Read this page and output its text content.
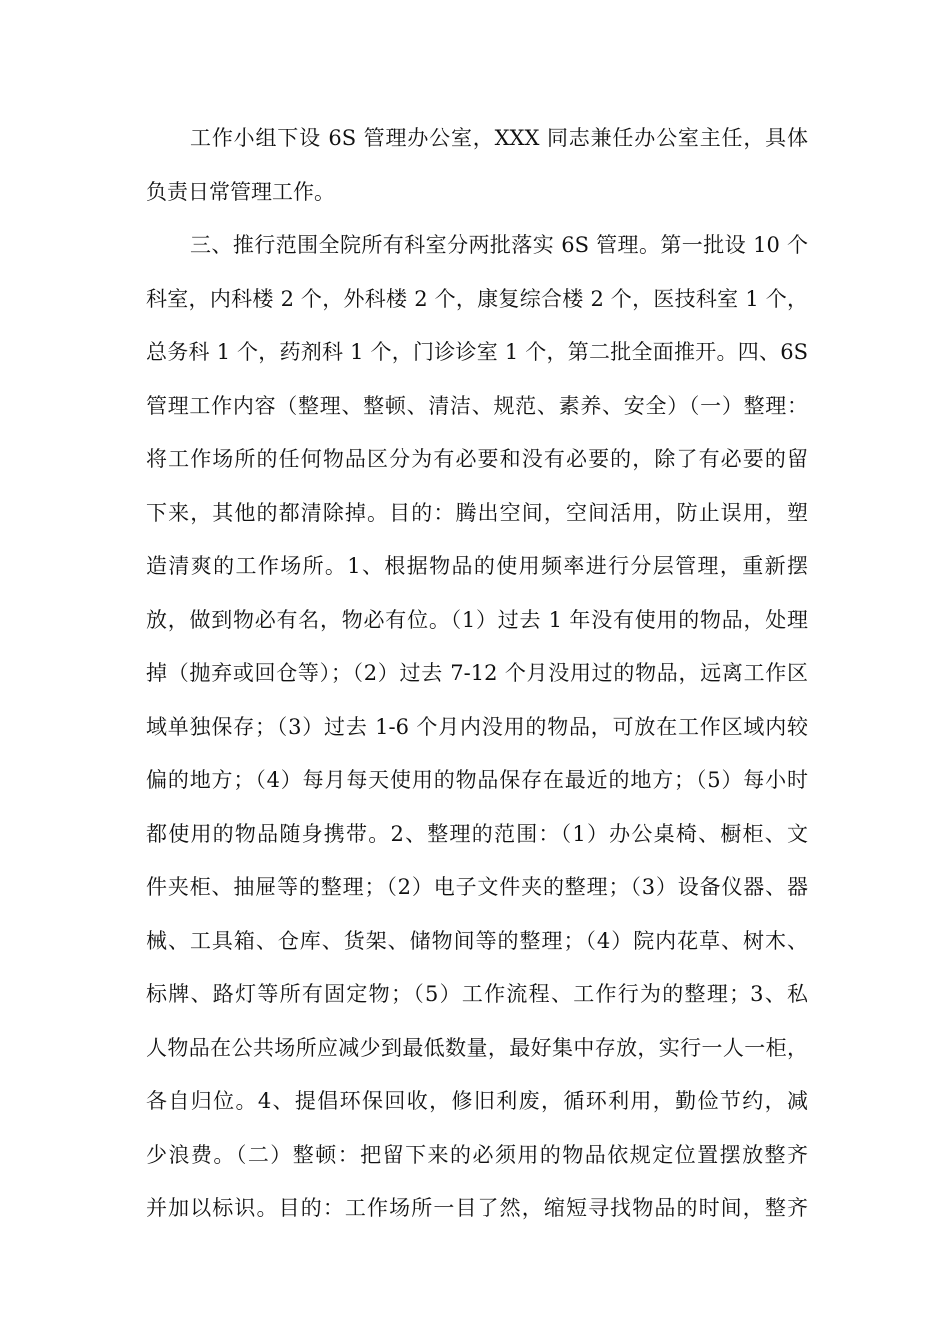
工作小组下设 6S 管理办公室，XXX 同志兼任办公室主任，具体
负责日常管理工作。
三、推行范围全院所有科室分两批落实 6S 管理。第一批设 10 个
科室，内科楼 2 个，外科楼 2 个，康复综合楼 2 个，医技科室 1 个，
总务科 1 个，药剂科 1 个，门诊诊室 1 个，第二批全面推开。四、6S
管理工作内容（整理、整顿、清洁、规范、素养、安全）（一）整理：
将工作场所的任何物品区分为有必要和没有必要的，除了有必要的留
下来，其他的都清除掉。目的：腾出空间，空间活用，防止误用，塑
造清爽的工作场所。1、根据物品的使用频率进行分层管理，重新摆
放，做到物必有名，物必有位。（1）过去 1 年没有使用的物品，处理
掉（抛弃或回仓等）；（2）过去 7-12 个月没用过的物品，远离工作区
域单独保存；（3）过去 1-6 个月内没用的物品，可放在工作区域内较
偏的地方；（4）每月每天使用的物品保存在最近的地方；（5）每小时
都使用的物品随身携带。2、整理的范围：（1）办公桌椅、橱柜、文
件夹柜、抽屉等的整理；（2）电子文件夹的整理；（3）设备仪器、器
械、工具箱、仓库、货架、储物间等的整理；（4）院内花草、树木、
标牌、路灯等所有固定物；（5）工作流程、工作行为的整理；3、私
人物品在公共场所应减少到最低数量，最好集中存放，实行一人一柜，
各自归位。4、提倡环保回收，修旧利废，循环利用，勤俭节约，减
少浪费。（二）整顿：把留下来的必须用的物品依规定位置摆放整齐
并加以标识。目的：工作场所一目了然，缩短寻找物品的时间，整齐
